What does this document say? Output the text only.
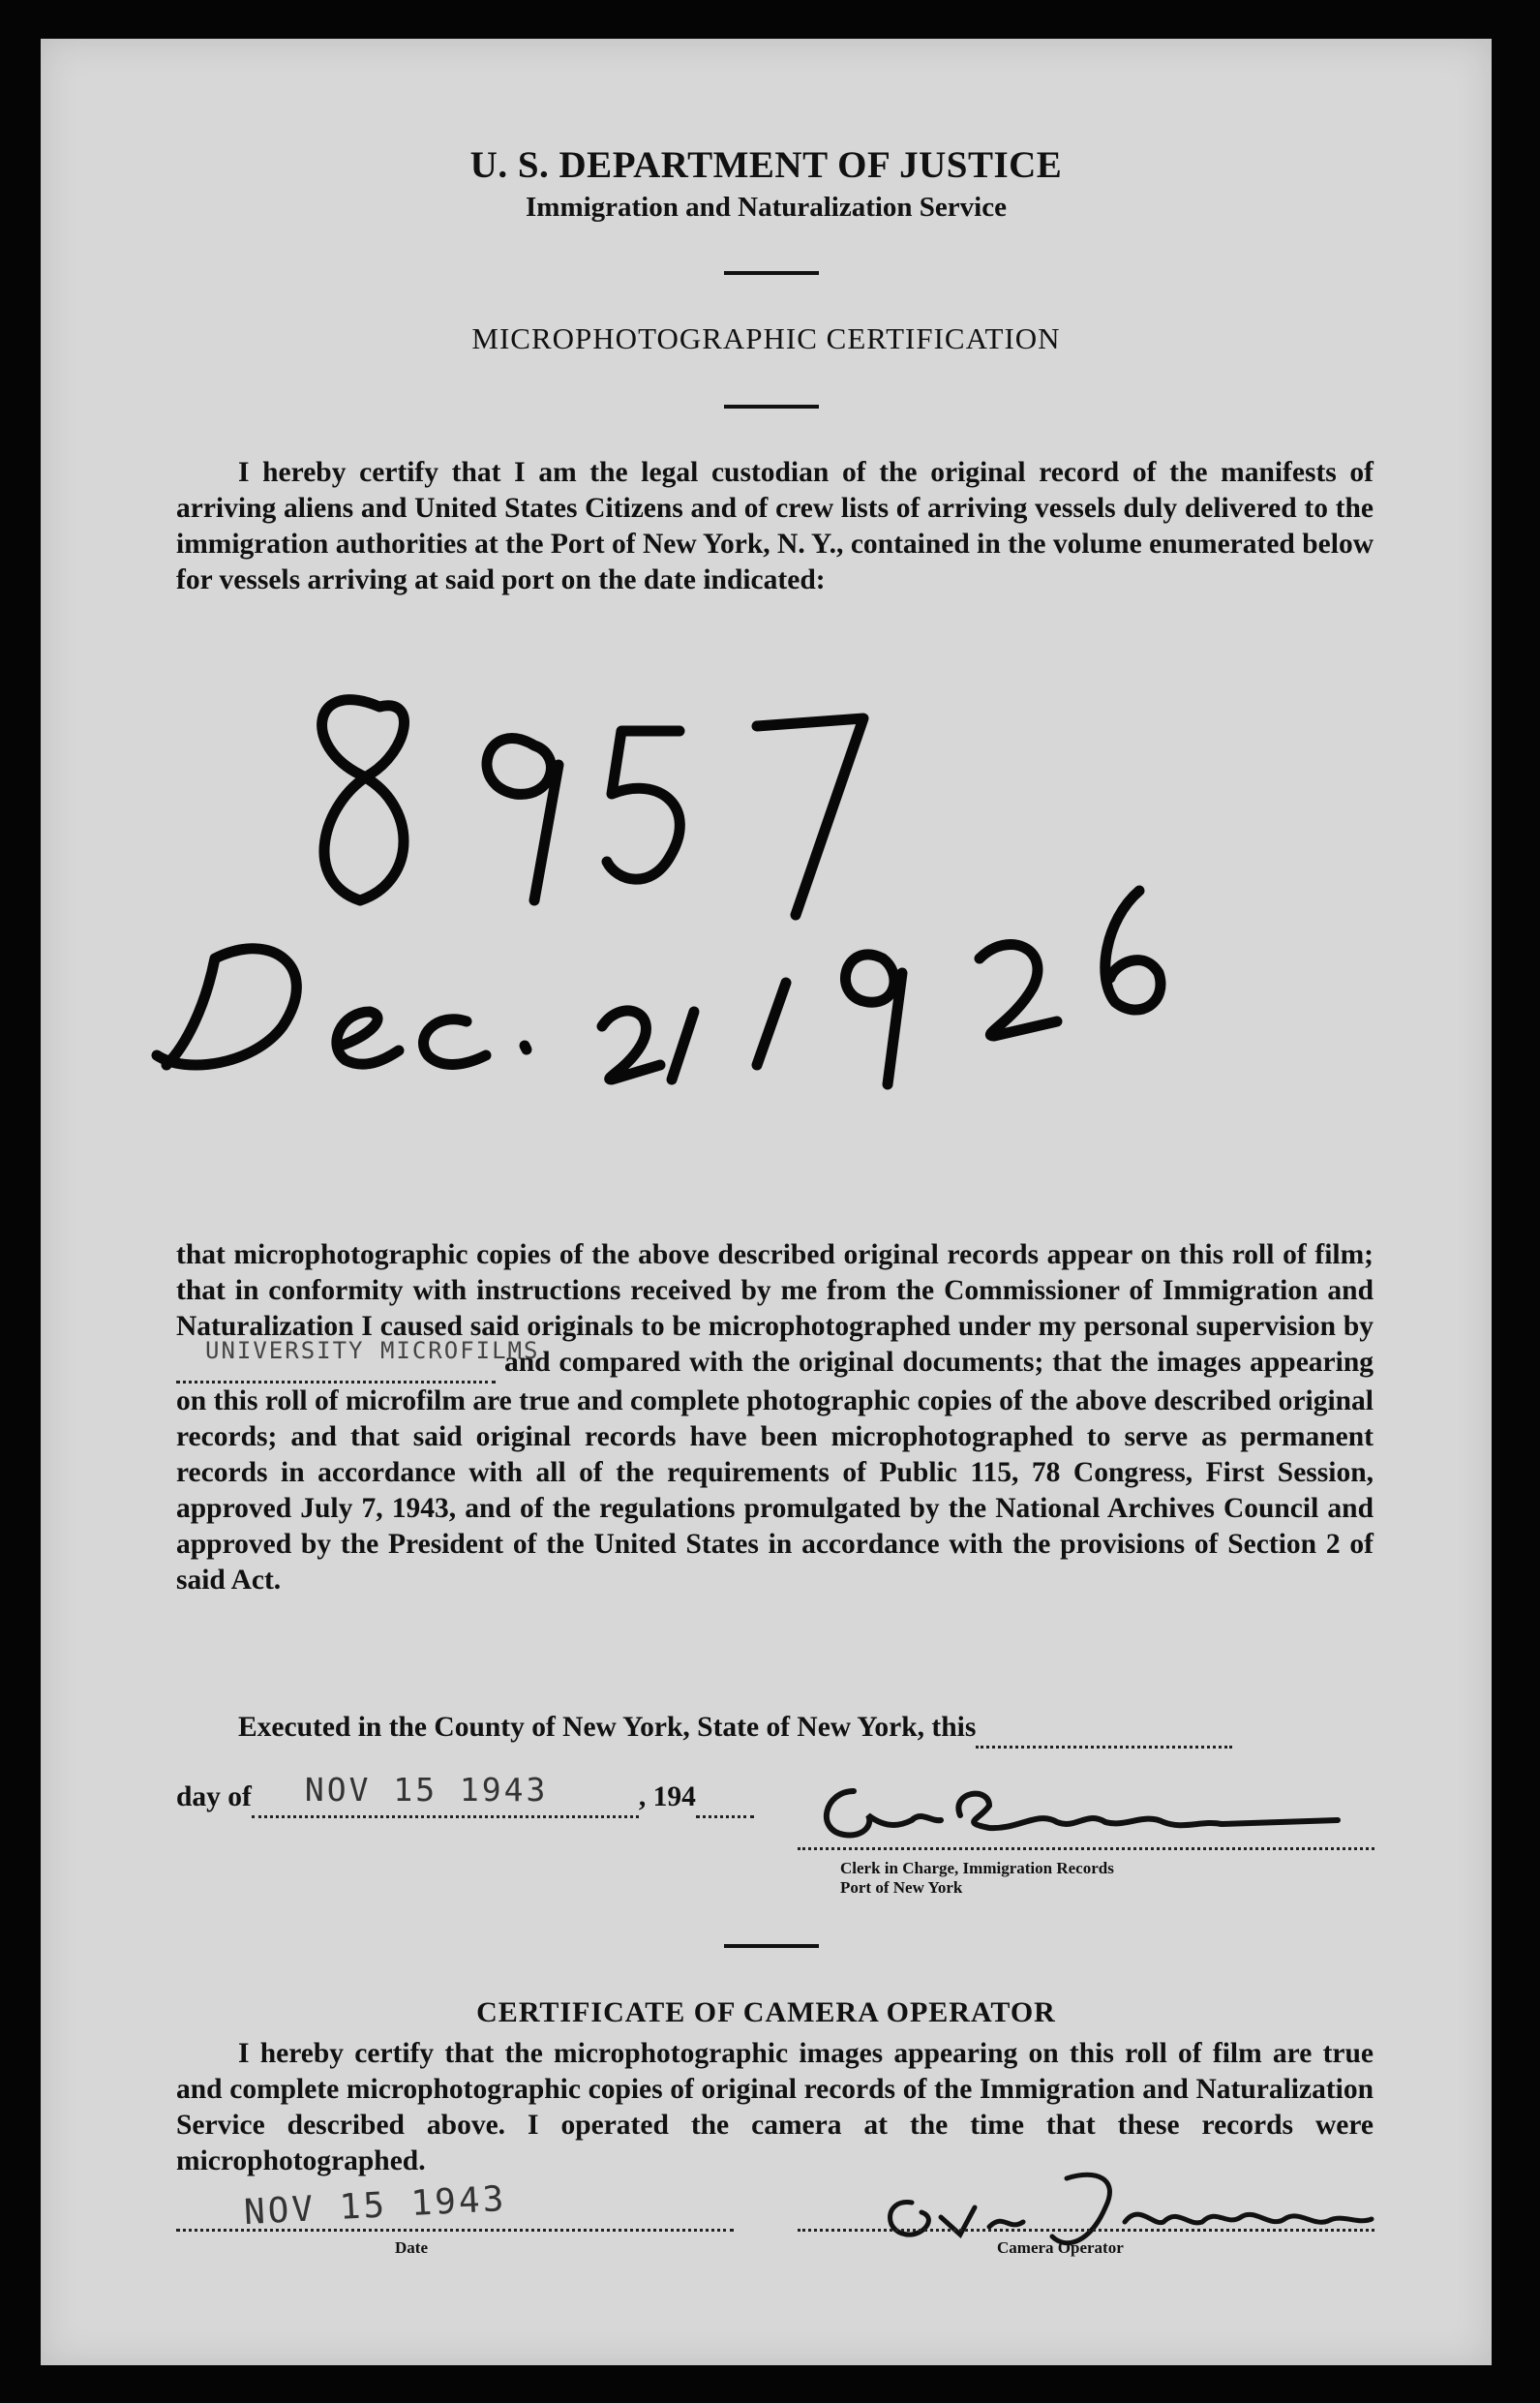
U. S. DEPARTMENT OF JUSTICE
Immigration and Naturalization Service
MICROPHOTOGRAPHIC CERTIFICATION

I hereby certify that I am the legal custodian of the original record of the manifests of arriving aliens and United States Citizens and of crew lists of arriving vessels duly delivered to the immigration authorities at the Port of New York, N. Y., contained in the volume enumerated below for vessels arriving at said port on the date indicated:

that microphotographic copies of the above described original records appear on this roll of film; that in conformity with instructions received by me from the Commissioner of Immigration and Naturalization I caused said originals to be microphotographed under my personal supervision by
UNIVERSITY MICROFILMS
and compared with the original documents; that the images appearing on this roll of microfilm are true and complete photographic copies of the above described original records; and that said original records have been microphotographed to serve as permanent records in accordance with all of the requirements of Public 115, 78 Congress, First Session, approved July 7, 1943, and of the regulations promulgated by the National Archives Council and approved by the President of the United States in accordance with the provisions of Section 2 of said Act.

Executed in the County of New York, State of New York, this
day of NOV 15 1943	, 194
Clerk in Charge, Immigration Records
Port of New York
CERTIFICATE OF CAMERA OPERATOR

I hereby certify that the microphotographic images appearing on this roll of film are true and complete microphotographic copies of original records of the Immigration and Naturalization Service described above. I operated the camera at the time that these records were microphotographed.

NOV 15 1943
Date	Camera Operator
